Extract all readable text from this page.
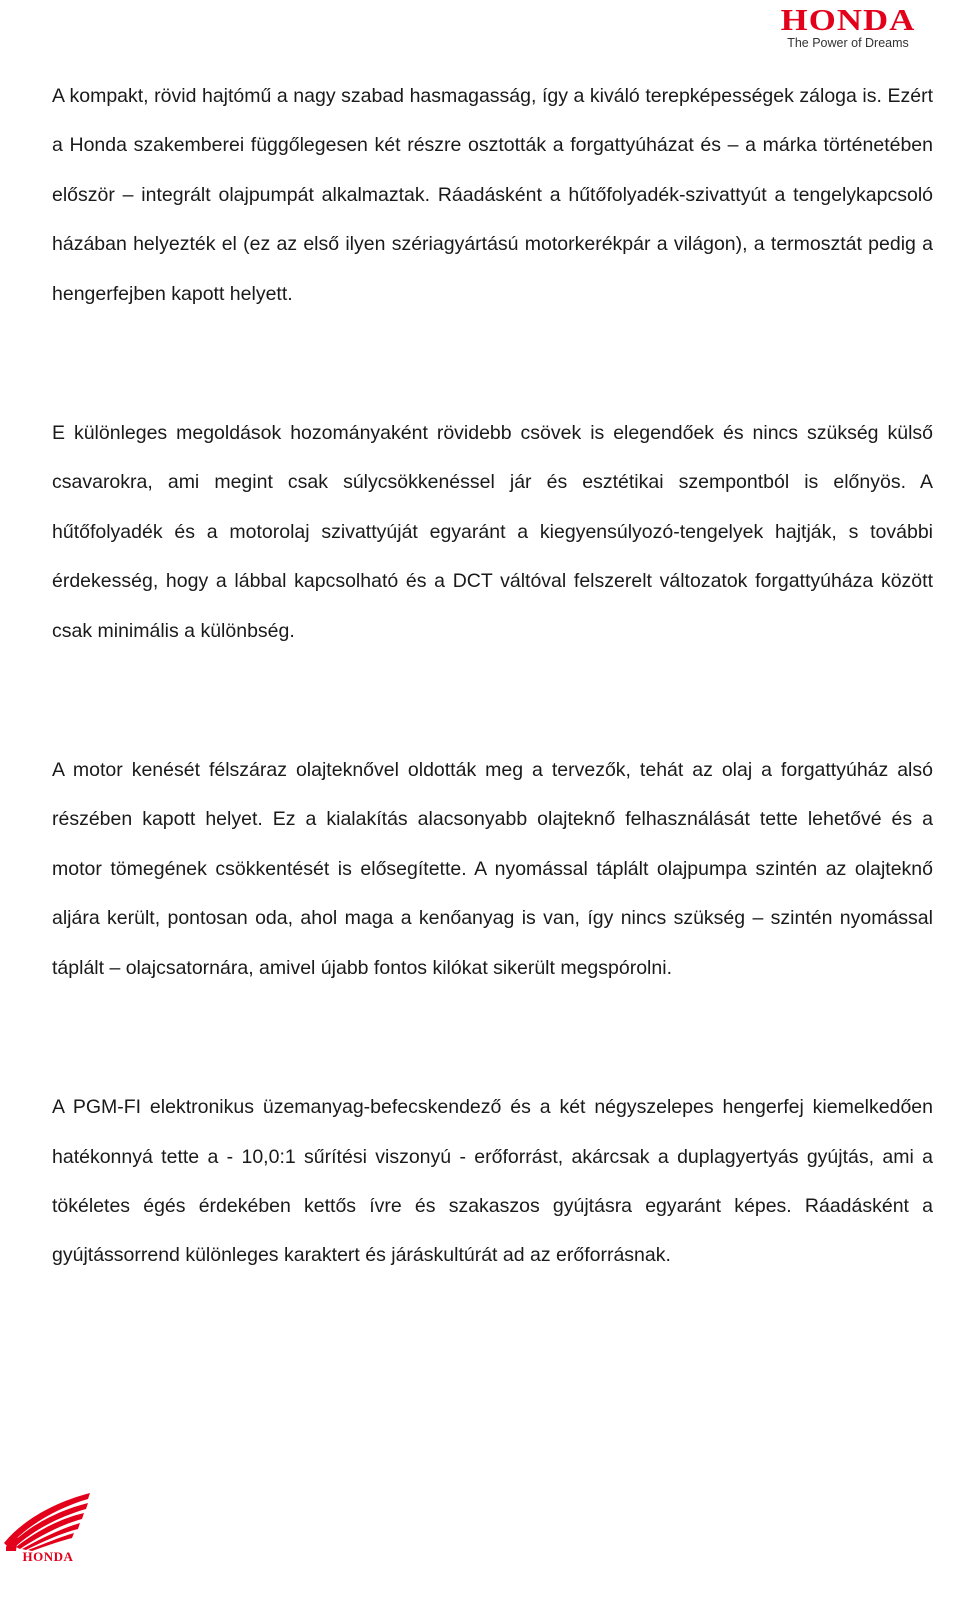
HONDA
The Power of Dreams

A kompakt, rövid hajtómű a nagy szabad hasmagasság, így a kiváló terepképességek záloga is. Ezért a Honda szakemberei függőlegesen két részre osztották a forgattyúházat és – a márka történetében először – integrált olajpumpát alkalmaztak. Ráadásként a hűtőfolyadék-szivattyút a tengelykapcsoló házában helyezték el (ez az első ilyen szériagyártású motorkerékpár a világon), a termosztát pedig a hengerfejben kapott helyett.

E különleges megoldások hozományaként rövidebb csövek is elegendőek és nincs szükség külső csavarokra, ami megint csak súlycsökkenéssel jár és esztétikai szempontból is előnyös. A hűtőfolyadék és a motorolaj szivattyúját egyaránt a kiegyensúlyozó-tengelyek hajtják, s további érdekesség, hogy a lábbal kapcsolható és a DCT váltóval felszerelt változatok forgattyúháza között csak minimális a különbség.

A motor kenését félszáraz olajteknővel oldották meg a tervezők, tehát az olaj a forgattyúház alsó részében kapott helyet. Ez a kialakítás alacsonyabb olajteknő felhasználását tette lehetővé és a motor tömegének csökkentését is elősegítette. A nyomással táplált olajpumpa szintén az olajteknő aljára került, pontosan oda, ahol maga a kenőanyag is van, így nincs szükség – szintén nyomással táplált – olajcsatornára, amivel újabb fontos kilókat sikerült megspórolni.

A PGM-FI elektronikus üzemanyag-befecskendező és a két négyszelepes hengerfej kiemelkedően hatékonnyá tette a - 10,0:1 sűrítési viszonyú - erőforrást, akárcsak a duplagyertyás gyújtás, ami a tökéletes égés érdekében kettős ívre és szakaszos gyújtásra egyaránt képes. Ráadásként a gyújtássorrend különleges karaktert és járáskultúrát ad az erőforrásnak.

HONDA
